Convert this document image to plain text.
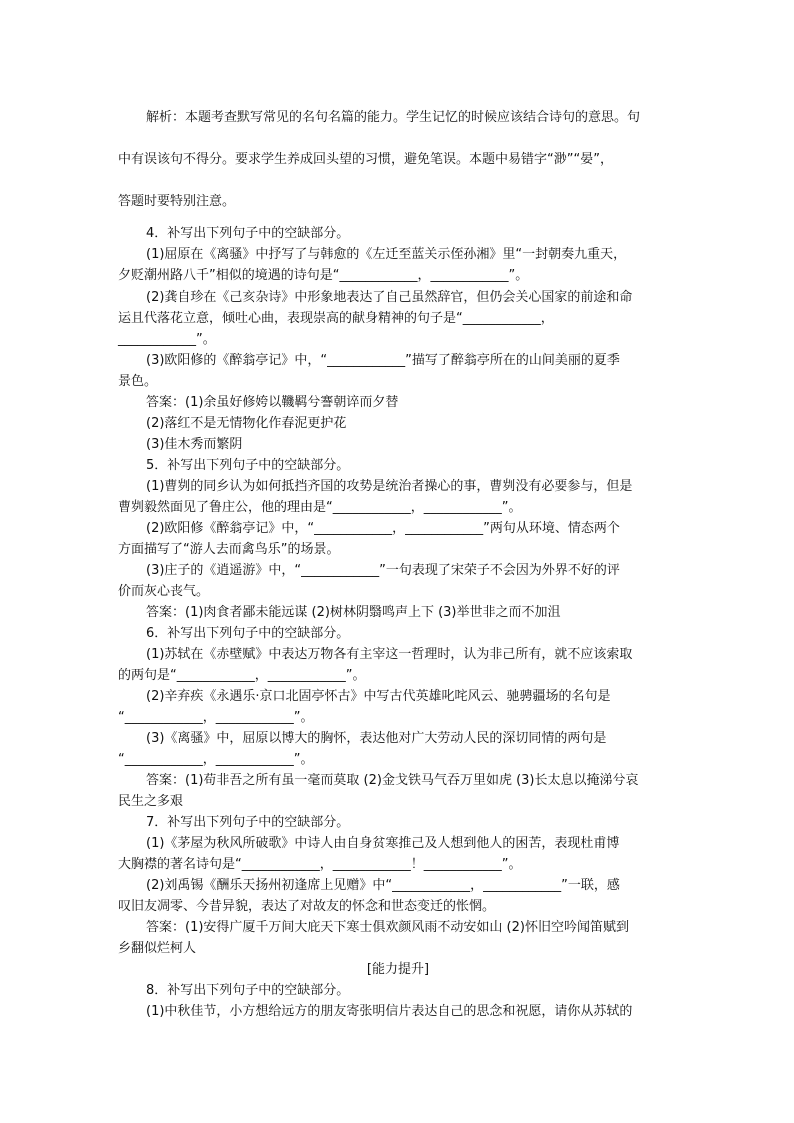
解析：本题考查默写常见的名句名篇的能力。学生记忆的时候应该结合诗句的意思。句
中有误该句不得分。要求学生养成回头望的习惯，避免笔误。本题中易错字“渺”“晏”，
答题时要特别注意。
4．补写出下列句子中的空缺部分。
(1)屈原在《离骚》中抒写了与韩愈的《左迁至蓝关示侄孙湘》里“一封朝奏九重天，
夕贬潮州路八千”相似的境遇的诗句是“____________，____________”。
(2)龚自珍在《己亥杂诗》中形象地表达了自己虽然辞官，但仍会关心国家的前途和命
运且代落花立意，倾吐心曲，表现崇高的献身精神的句子是“____________，
____________”。
(3)欧阳修的《醉翁亭记》中，“____________”描写了醉翁亭所在的山间美丽的夏季
景色。
答案：(1)余虽好修姱以鞿羁兮謇朝谇而夕替
(2)落红不是无情物化作春泥更护花
(3)佳木秀而繁阴
5．补写出下列句子中的空缺部分。
(1)曹刿的同乡认为如何抵挡齐国的攻势是统治者操心的事，曹刿没有必要参与，但是
曹刿毅然面见了鲁庄公，他的理由是“____________，____________”。
(2)欧阳修《醉翁亭记》中，“____________，____________”两句从环境、情态两个
方面描写了“游人去而禽鸟乐”的场景。
(3)庄子的《逍遥游》中，“____________”一句表现了宋荣子不会因为外界不好的评
价而灰心丧气。
答案：(1)肉食者鄙未能远谋 (2)树林阴翳鸣声上下 (3)举世非之而不加沮
6．补写出下列句子中的空缺部分。
(1)苏轼在《赤壁赋》中表达万物各有主宰这一哲理时，认为非己所有，就不应该索取
的两句是“____________，____________”。
(2)辛弃疾《永遇乐·京口北固亭怀古》中写古代英雄叱咤风云、驰骋疆场的名句是
“____________，____________”。
(3)《离骚》中，屈原以博大的胸怀，表达他对广大劳动人民的深切同情的两句是
“____________，____________”。
答案：(1)苟非吾之所有虽一毫而莫取 (2)金戈铁马气吞万里如虎 (3)长太息以掩涕兮哀
民生之多艰
7．补写出下列句子中的空缺部分。
(1)《茅屋为秋风所破歌》中诗人由自身贫寒推己及人想到他人的困苦，表现杜甫博
大胸襟的著名诗句是“____________，____________！____________”。
(2)刘禹锡《酬乐天扬州初逢席上见赠》中“____________，____________”一联，感
叹旧友凋零、今昔异貌，表达了对故友的怀念和世态变迁的怅惘。
答案：(1)安得广厦千万间大庇天下寒士俱欢颜风雨不动安如山 (2)怀旧空吟闻笛赋到
乡翻似烂柯人
[能力提升]
8．补写出下列句子中的空缺部分。
(1)中秋佳节，小方想给远方的朋友寄张明信片表达自己的思念和祝愿，请你从苏轼的
